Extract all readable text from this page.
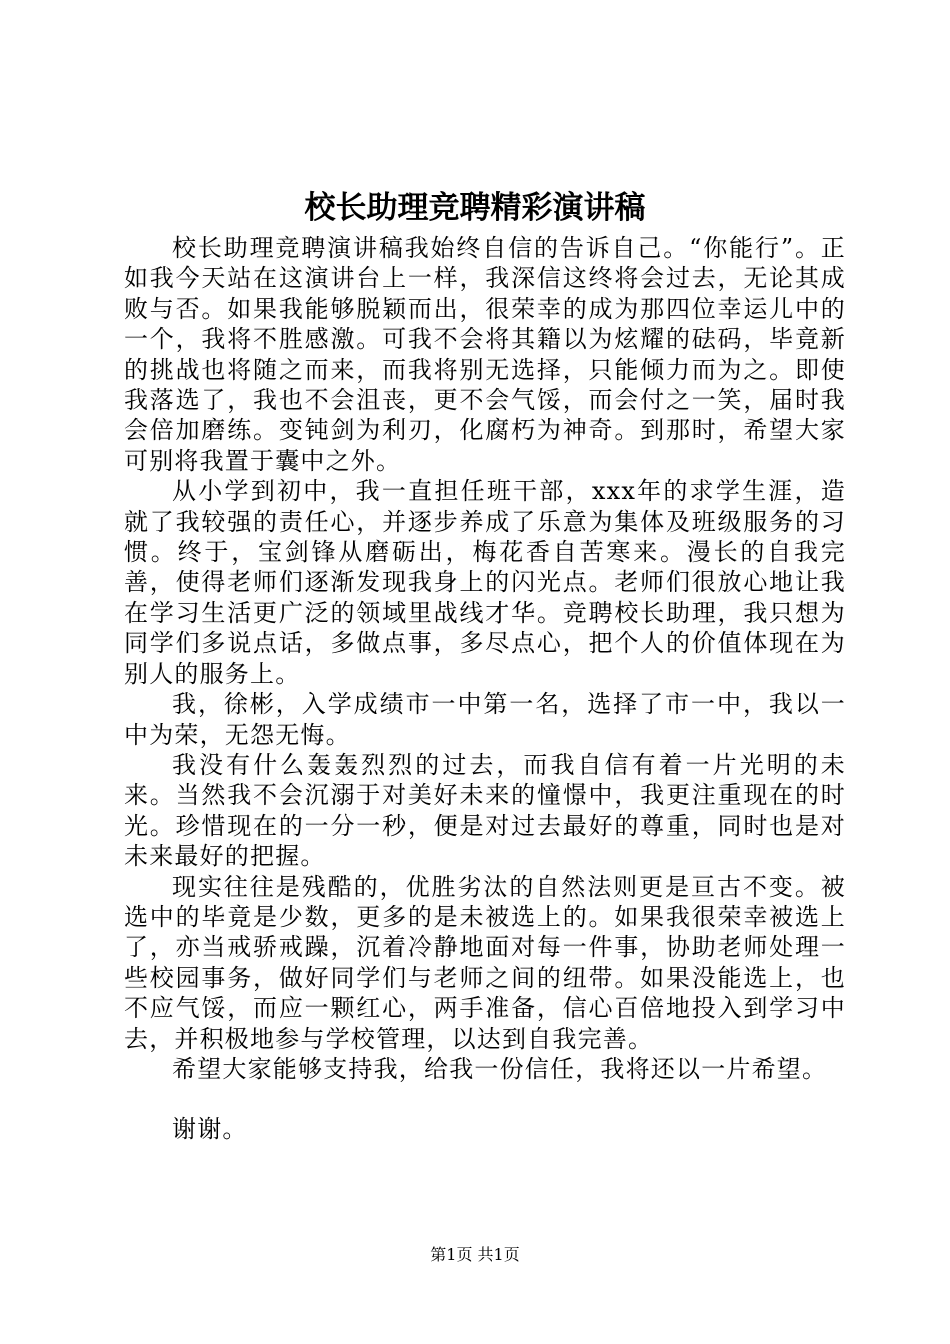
校长助理竞聘精彩演讲稿

校长助理竞聘演讲稿我始终自信的告诉自己。“你能行”。正如我今天站在这演讲台上一样，我深信这终将会过去，无论其成败与否。如果我能够脱颖而出，很荣幸的成为那四位幸运儿中的一个，我将不胜感激。可我不会将其籍以为炫耀的砝码，毕竟新的挑战也将随之而来，而我将别无选择，只能倾力而为之。即使我落选了，我也不会沮丧，更不会气馁，而会付之一笑，届时我会倍加磨练。变钝剑为利刃，化腐朽为神奇。到那时，希望大家可别将我置于囊中之外。

从小学到初中，我一直担任班干部，xxx年的求学生涯，造就了我较强的责任心，并逐步养成了乐意为集体及班级服务的习惯。终于，宝剑锋从磨砺出，梅花香自苦寒来。漫长的自我完善，使得老师们逐渐发现我身上的闪光点。老师们很放心地让我在学习生活更广泛的领域里战线才华。竞聘校长助理，我只想为同学们多说点话，多做点事，多尽点心，把个人的价值体现在为别人的服务上。

我，徐彬，入学成绩市一中第一名，选择了市一中，我以一中为荣，无怨无悔。

我没有什么轰轰烈烈的过去，而我自信有着一片光明的未来。当然我不会沉溺于对美好未来的憧憬中，我更注重现在的时光。珍惜现在的一分一秒，便是对过去最好的尊重，同时也是对未来最好的把握。

现实往往是残酷的，优胜劣汰的自然法则更是亘古不变。被选中的毕竟是少数，更多的是未被选上的。如果我很荣幸被选上了，亦当戒骄戒躁，沉着冷静地面对每一件事，协助老师处理一些校园事务，做好同学们与老师之间的纽带。如果没能选上，也不应气馁，而应一颗红心，两手准备，信心百倍地投入到学习中去，并积极地参与学校管理，以达到自我完善。

希望大家能够支持我，给我一份信任，我将还以一片希望。

谢谢。

第1页 共1页
